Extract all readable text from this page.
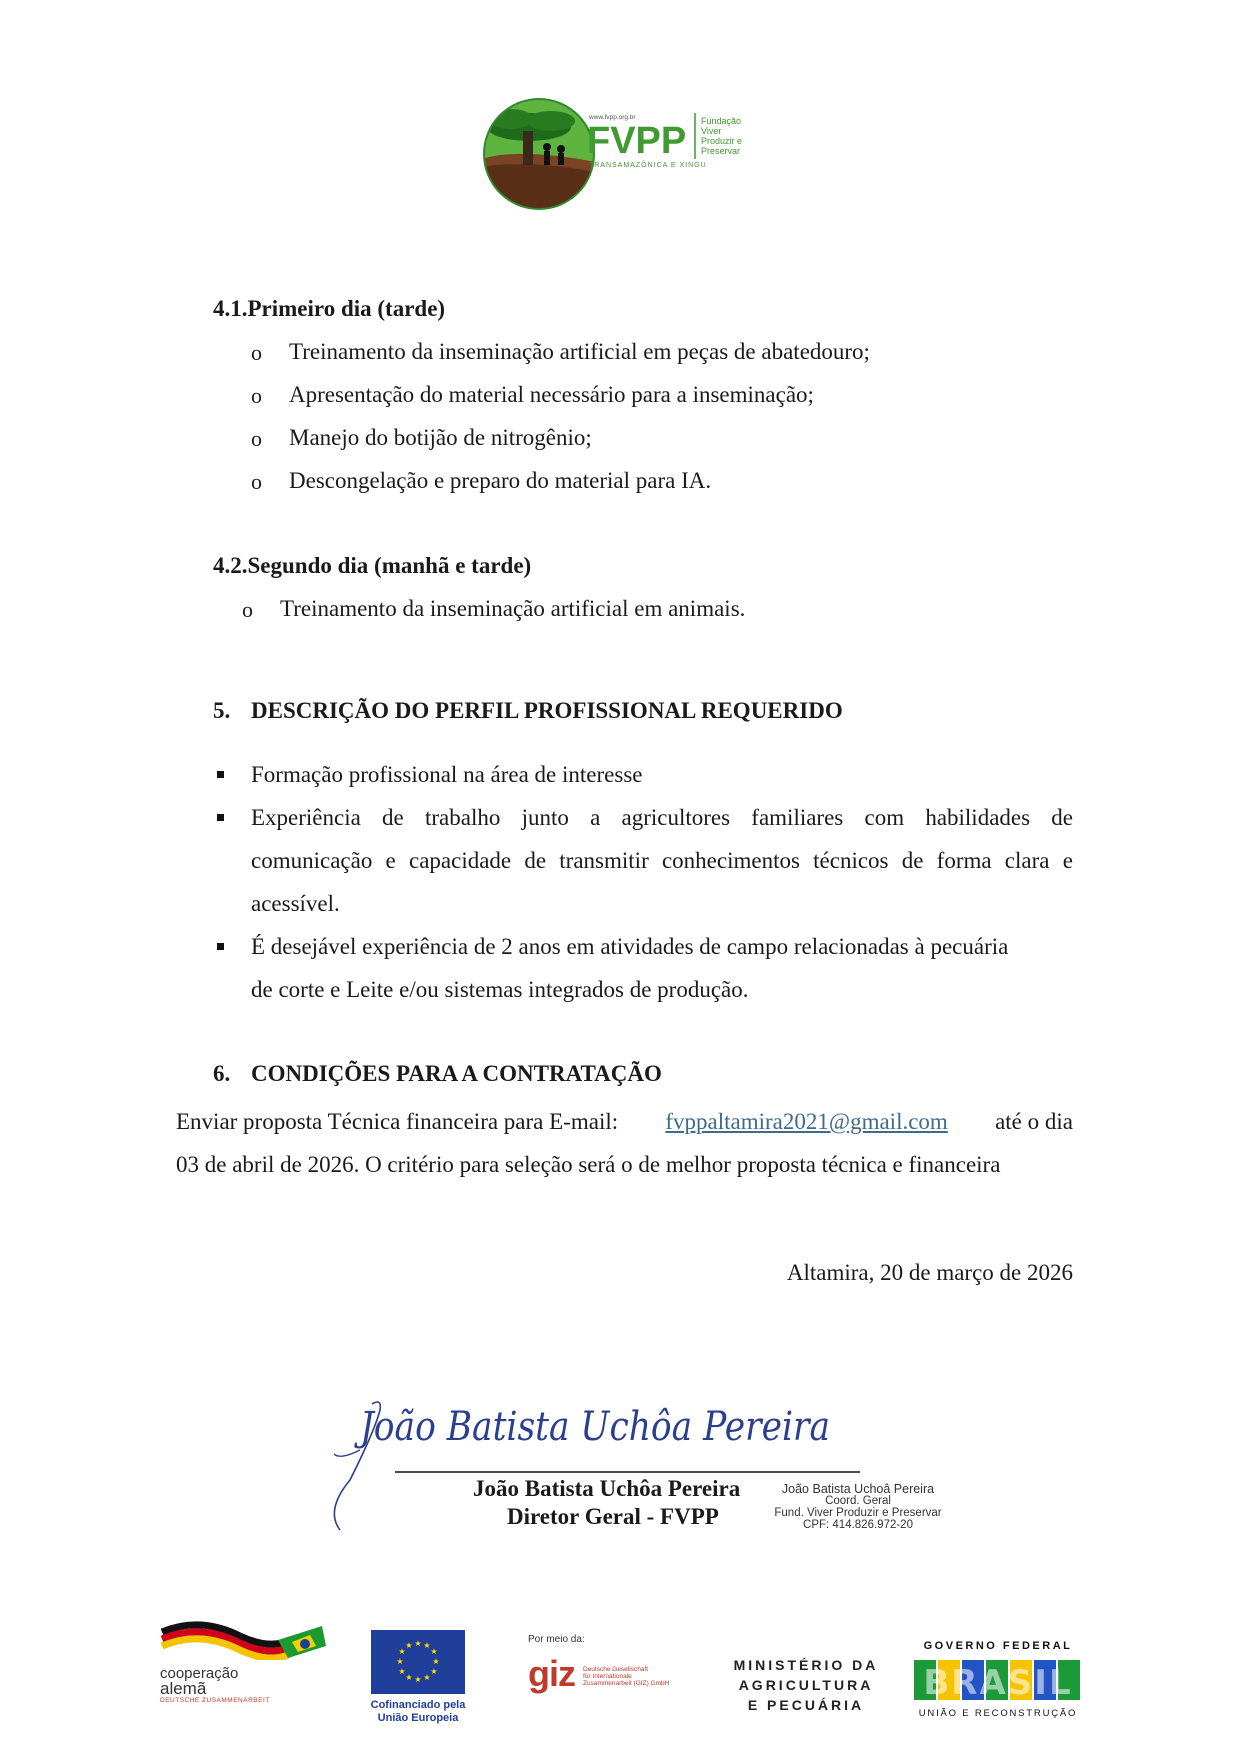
www.fvpp.org.br
FVPP Fundação
Viver
Produzir e
Preservar
TRANSAMAZÔNICA E XINGU
4.1.Primeiro dia (tarde)
o Treinamento da inseminação artificial em peças de abatedouro;
o Apresentação do material necessário para a inseminação;
o Manejo do botijão de nitrogênio;
o Descongelação e preparo do material para IA.
4.2.Segundo dia (manhã e tarde)
o Treinamento da inseminação artificial em animais.
5. DESCRIÇÃO DO PERFIL PROFISSIONAL REQUERIDO
Formação profissional na área de interesse
Experiência de trabalho junto a agricultores familiares com habilidades de
comunicação e capacidade de transmitir conhecimentos técnicos de forma clara e
acessível.
É desejável experiência de 2 anos em atividades de campo relacionadas à pecuária
de corte e Leite e/ou sistemas integrados de produção.
6. CONDIÇÕES PARA A CONTRATAÇÃO
Enviar proposta Técnica financeira para E-mail: fvppaltamira2021@gmail.com até o dia
03 de abril de 2026. O critério para seleção será o de melhor proposta técnica e financeira
Altamira, 20 de março de 2026
João Batista Uchôa Pereira
João Batista Uchôa Pereira
Diretor Geral - FVPP
João Batista Uchoâ Pereira
Coord. Geral
Fund. Viver Produzir e Preservar
CPF: 414.826.972-20
cooperação
alemã
DEUTSCHE ZUSAMMENARBEIT
★ ★
★
★
★
★
★
★
★
★
★
★
Cofinanciado pela
União Europeia
Por meio da:
giz Deutsche Gesellschaft
für Internationale
Zusammenarbeit (GIZ) GmbH
MINISTÉRIO DA
AGRICULTURA
E PECUÁRIA
GOVERNO FEDERAL
BRASIL
UNIÃO E RECONSTRUÇÃO
